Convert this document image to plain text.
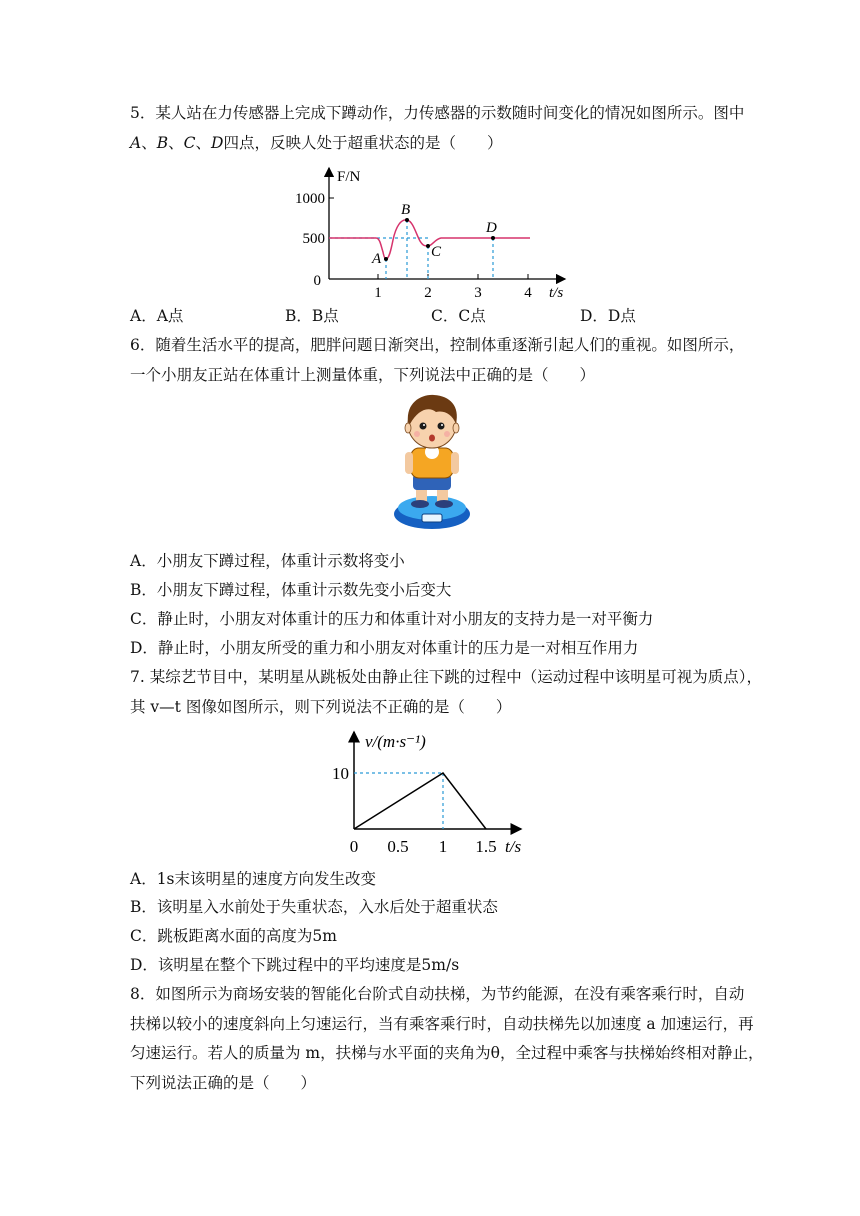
5．某人站在力传感器上完成下蹲动作，力传感器的示数随时间变化的情况如图所示。图中
A、B、C、D四点，反映人处于超重状态的是（　　）
F/N
t/s
1000
500
0
1	2	3	4
A
B
C
D
A．A点	B．B点	C．C点	D．D点
6．随着生活水平的提高，肥胖问题日渐突出，控制体重逐渐引起人们的重视。如图所示，
一个小朋友正站在体重计上测量体重，下列说法中正确的是（　　）
A．小朋友下蹲过程，体重计示数将变小
B．小朋友下蹲过程，体重计示数先变小后变大
C．静止时，小朋友对体重计的压力和体重计对小朋友的支持力是一对平衡力
D．静止时，小朋友所受的重力和小朋友对体重计的压力是一对相互作用力
7. 某综艺节目中，某明星从跳板处由静止往下跳的过程中（运动过程中该明星可视为质点），
其 v—t 图像如图所示，则下列说法不正确的是（　　）
v/(m·s⁻¹)
t/s
10
0 0.5 1 1.5
A．1s末该明星的速度方向发生改变
B．该明星入水前处于失重状态，入水后处于超重状态
C．跳板距离水面的高度为5m
D．该明星在整个下跳过程中的平均速度是5m/s
8．如图所示为商场安装的智能化台阶式自动扶梯，为节约能源，在没有乘客乘行时，自动
扶梯以较小的速度斜向上匀速运行，当有乘客乘行时，自动扶梯先以加速度 a 加速运行，再
匀速运行。若人的质量为 m，扶梯与水平面的夹角为θ，全过程中乘客与扶梯始终相对静止，
下列说法正确的是（　　）
